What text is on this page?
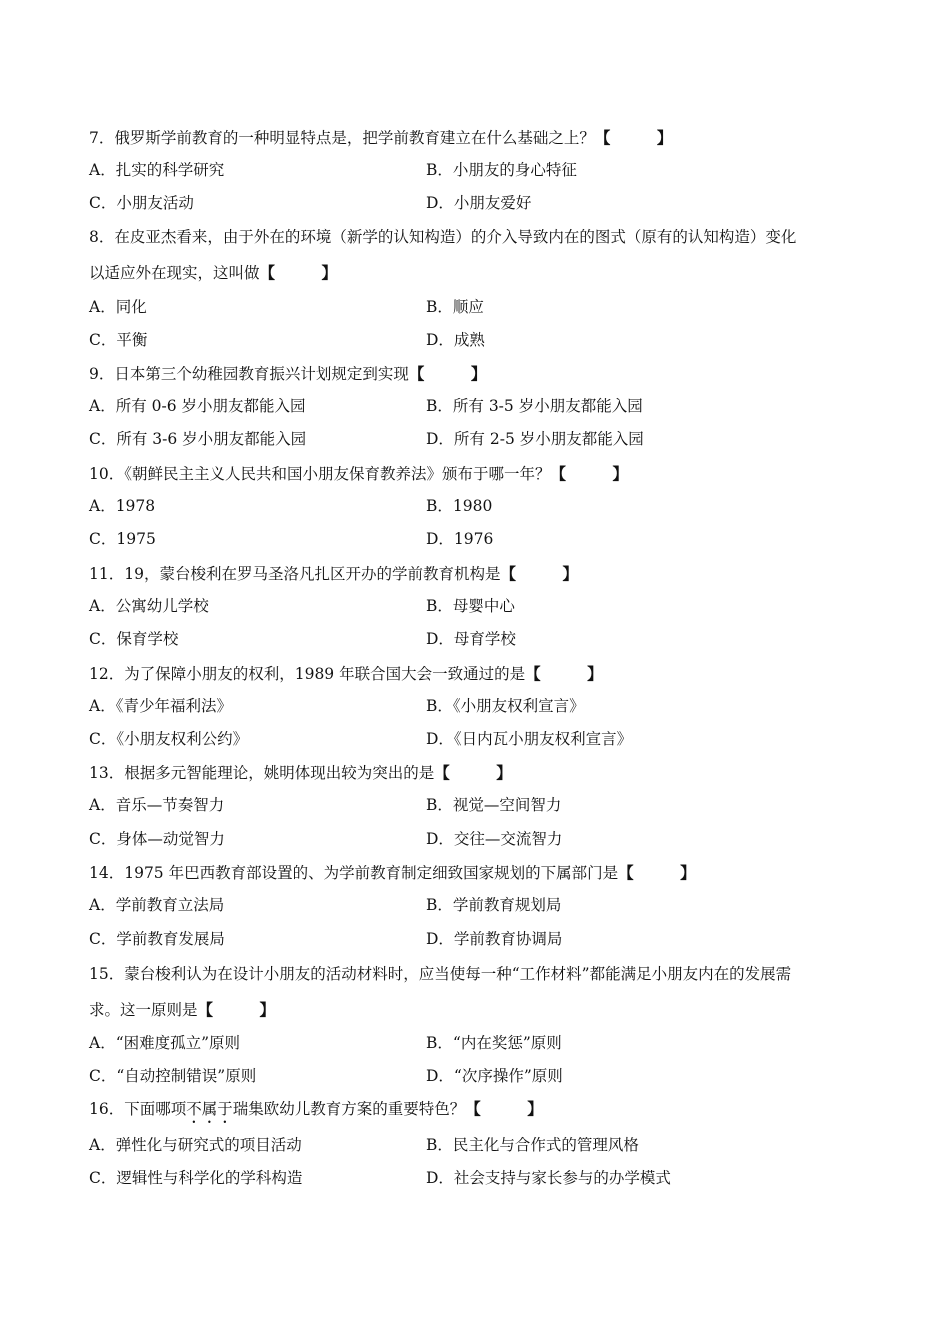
7．俄罗斯学前教育的一种明显特点是，把学前教育建立在什么基础之上？【　　　】
A．扎实的科学研究	B．小朋友的身心特征
C．小朋友活动	D．小朋友爱好
8．在皮亚杰看来，由于外在的环境（新学的认知构造）的介入导致内在的图式（原有的认知构造）变化
以适应外在现实，这叫做【　　　】
A．同化	B．顺应
C．平衡	D．成熟
9．日本第三个幼稚园教育振兴计划规定到实现【　　　】
A．所有 0-6 岁小朋友都能入园	B．所有 3-5 岁小朋友都能入园
C．所有 3-6 岁小朋友都能入园	D．所有 2-5 岁小朋友都能入园
10．《朝鲜民主主义人民共和国小朋友保育教养法》颁布于哪一年？【　　　】
A．1978	B．1980
C．1975	D．1976
11．19，蒙台梭利在罗马圣洛凡扎区开办的学前教育机构是【　　　】
A．公寓幼儿学校	B．母婴中心
C．保育学校	D．母育学校
12．为了保障小朋友的权利，1989 年联合国大会一致通过的是【　　　】
A．《青少年福利法》	B．《小朋友权利宣言》
C．《小朋友权利公约》	D．《日内瓦小朋友权利宣言》
13．根据多元智能理论，姚明体现出较为突出的是【　　　】
A．音乐—节奏智力	B．视觉—空间智力
C．身体—动觉智力	D．交往—交流智力
14．1975 年巴西教育部设置的、为学前教育制定细致国家规划的下属部门是【　　　】
A．学前教育立法局	B．学前教育规划局
C．学前教育发展局	D．学前教育协调局
15．蒙台梭利认为在设计小朋友的活动材料时，应当使每一种“工作材料”都能满足小朋友内在的发展需
求。这一原则是【　　　】
A．“困难度孤立”原则	B．“内在奖惩”原则
C．“自动控制错误”原则	D．“次序操作”原则
16．下面哪项不属于瑞集欧幼儿教育方案的重要特色？【　　　】
A．弹性化与研究式的项目活动	B．民主化与合作式的管理风格
C．逻辑性与科学化的学科构造	D．社会支持与家长参与的办学模式
